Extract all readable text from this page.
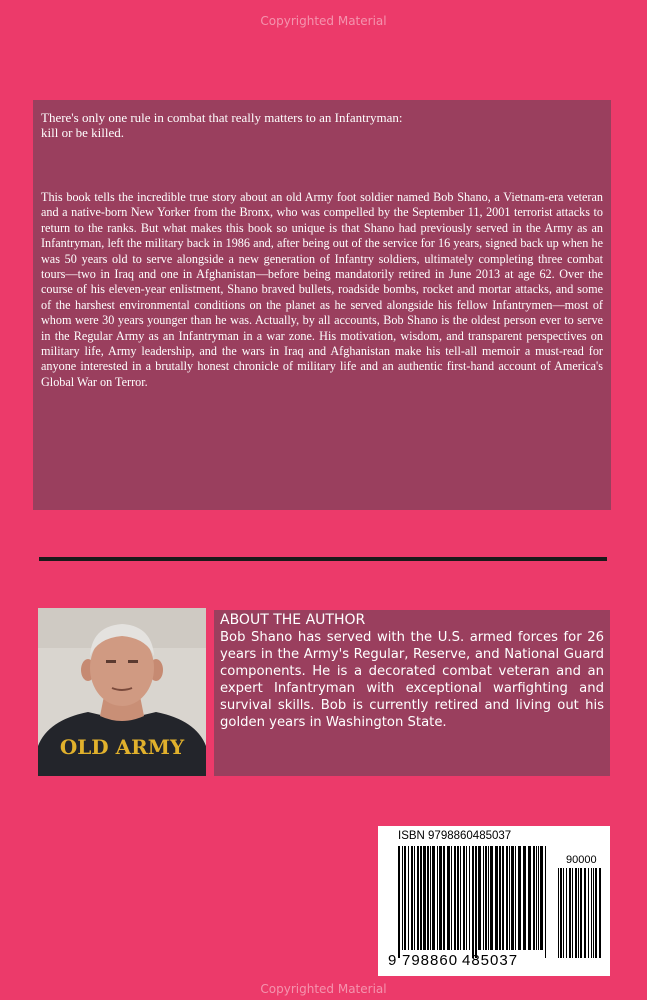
Copyrighted Material

There's only one rule in combat that really matters to an Infantryman:
kill or be killed.

This book tells the incredible true story about an old Army foot soldier named Bob Shano, a Vietnam-era veteran and a native-born New Yorker from the Bronx, who was compelled by the September 11, 2001 terrorist attacks to return to the ranks. But what makes this book so unique is that Shano had previously served in the Army as an Infantryman, left the military back in 1986 and, after being out of the service for 16 years, signed back up when he was 50 years old to serve alongside a new generation of Infantry soldiers, ultimately completing three combat tours—two in Iraq and one in Afghanistan—before being mandatorily retired in June 2013 at age 62. Over the course of his eleven-year enlistment, Shano braved bullets, roadside bombs, rocket and mortar attacks, and some of the harshest environmental conditions on the planet as he served alongside his fellow Infantrymen—most of whom were 30 years younger than he was. Actually, by all accounts, Bob Shano is the oldest person ever to serve in the Regular Army as an Infantryman in a war zone. His motivation, wisdom, and transparent perspectives on military life, Army leadership, and the wars in Iraq and Afghanistan make his tell-all memoir a must-read for anyone interested in a brutally honest chronicle of military life and an authentic first-hand account of America's Global War on Terror.

OLD ARMY

ABOUT THE AUTHOR

Bob Shano has served with the U.S. armed forces for 26 years in the Army's Regular, Reserve, and National Guard components. He is a decorated combat veteran and an expert Infantryman with exceptional warfighting and survival skills. Bob is currently retired and living out his golden years in Washington State.

ISBN 9798860485037
90000
9 798860 485037
Copyrighted Material
